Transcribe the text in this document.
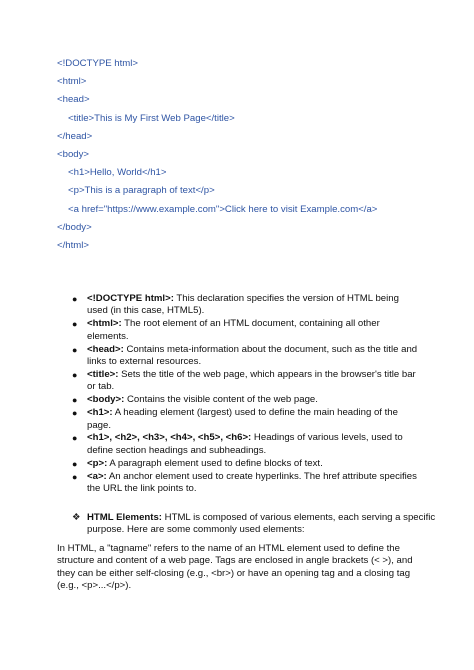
<!DOCTYPE html>
<html>
<head>
<title>This is My First Web Page</title>
</head>
<body>
<h1>Hello, World</h1>
<p>This is a paragraph of text</p>
<a href="https://www.example.com">Click here to visit Example.com</a>
</body>
</html>
● <!DOCTYPE html>: This declaration specifies the version of HTML being used (in this case, HTML5).
● <html>: The root element of an HTML document, containing all other elements.
● <head>: Contains meta-information about the document, such as the title and links to external resources.
● <title>: Sets the title of the web page, which appears in the browser's title bar or tab.
● <body>: Contains the visible content of the web page.
● <h1>: A heading element (largest) used to define the main heading of the page.
● <h1>, <h2>, <h3>, <h4>, <h5>, <h6>: Headings of various levels, used to define section headings and subheadings.
● <p>: A paragraph element used to define blocks of text.
● <a>: An anchor element used to create hyperlinks. The href attribute specifies the URL the link points to.
❖ HTML Elements: HTML is composed of various elements, each serving a specific purpose. Here are some commonly used elements:

In HTML, a "tagname" refers to the name of an HTML element used to define the structure and content of a web page. Tags are enclosed in angle brackets (< >), and they can be either self-closing (e.g., <br>) or have an opening tag and a closing tag (e.g., <p>...</p>).
